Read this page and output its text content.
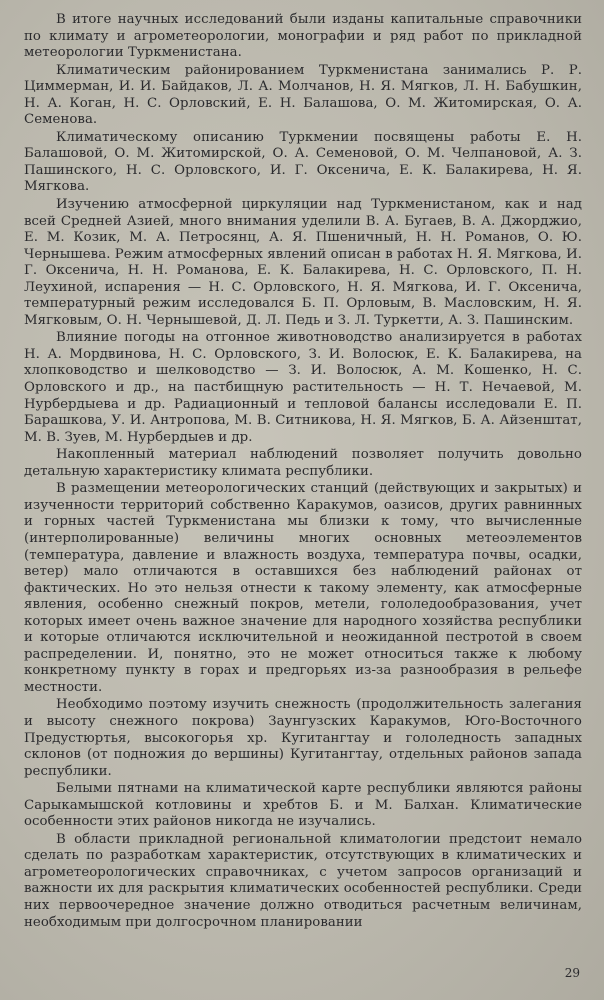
В итоге научных исследований были изданы капитальные справочники по климату и агрометеорологии, монографии и ряд работ по прикладной метеорологии Туркменистана.

Климатическим районированием Туркменистана занимались Р. Р. Циммерман, И. И. Байдаков, Л. А. Молчанов, Н. Я. Мягков, Л. Н. Бабушкин, Н. А. Коган, Н. С. Орловский, Е. Н. Балашова, О. М. Житомирская, О. А. Семенова.

Климатическому описанию Туркмении посвящены работы Е. Н. Балашовой, О. М. Житомирской, О. А. Семеновой, О. М. Челпановой, А. З. Пашинского, Н. С. Орловского, И. Г. Оксенича, Е. К. Балакирева, Н. Я. Мягкова.

Изучению атмосферной циркуляции над Туркменистаном, как и над всей Средней Азией, много внимания уделили В. А. Бугаев, В. А. Джорджио, Е. М. Козик, М. А. Петросянц, А. Я. Пшеничный, Н. Н. Романов, О. Ю. Чернышева. Режим атмосферных явлений описан в работах Н. Я. Мягкова, И. Г. Оксенича, Н. Н. Романова, Е. К. Балакирева, Н. С. Орловского, П. Н. Леухиной, испарения — Н. С. Орловского, Н. Я. Мягкова, И. Г. Оксенича, температурный режим исследовался Б. П. Орловым, В. Масловским, Н. Я. Мягковым, О. Н. Чернышевой, Д. Л. Педь и З. Л. Туркетти, А. З. Пашинским.

Влияние погоды на отгонное животноводство анализируется в работах Н. А. Мордвинова, Н. С. Орловского, З. И. Волосюк, Е. К. Балакирева, на хлопководство и шелководство — З. И. Волосюк, А. М. Кошенко, Н. С. Орловского и др., на пастбищную растительность — Н. Т. Нечаевой, М. Нурбердыева и др. Радиационный и тепловой балансы исследовали Е. П. Барашкова, У. И. Антропова, М. В. Ситникова, Н. Я. Мягков, Б. А. Айзенштат, М. В. Зуев, М. Нурбердыев и др.

Накопленный материал наблюдений позволяет получить довольно детальную характеристику климата республики.

В размещении метеорологических станций (действующих и закрытых) и изученности территорий собственно Каракумов, оазисов, других равнинных и горных частей Туркменистана мы близки к тому, что вычисленные (интерполированные) величины многих основных метеоэлементов (температура, давление и влажность воздуха, температура почвы, осадки, ветер) мало отличаются в оставшихся без наблюдений районах от фактических. Но это нельзя отнести к такому элементу, как атмосферные явления, особенно снежный покров, метели, гололедообразования, учет которых имеет очень важное значение для народного хозяйства республики и которые отличаются исключительной и неожиданной пестротой в своем распределении. И, понятно, это не может относиться также к любому конкретному пункту в горах и предгорьях из-за разнообразия в рельефе местности.

Необходимо поэтому изучить снежность (продолжительность залегания и высоту снежного покрова) Заунгузских Каракумов, Юго-Восточного Предустюртья, высокогорья хр. Кугитангтау и гололедность западных склонов (от подножия до вершины) Кугитангтау, отдельных районов запада республики.

Белыми пятнами на климатической карте республики являются районы Сарыкамышской котловины и хребтов Б. и М. Балхан. Климатические особенности этих районов никогда не изучались.

В области прикладной региональной климатологии предстоит немало сделать по разработкам характеристик, отсутствующих в климатических и агрометеорологических справочниках, с учетом запросов организаций и важности их для раскрытия климатических особенностей республики. Среди них первоочередное значение должно отводиться расчетным величинам, необходимым при долгосрочном планировании

29
